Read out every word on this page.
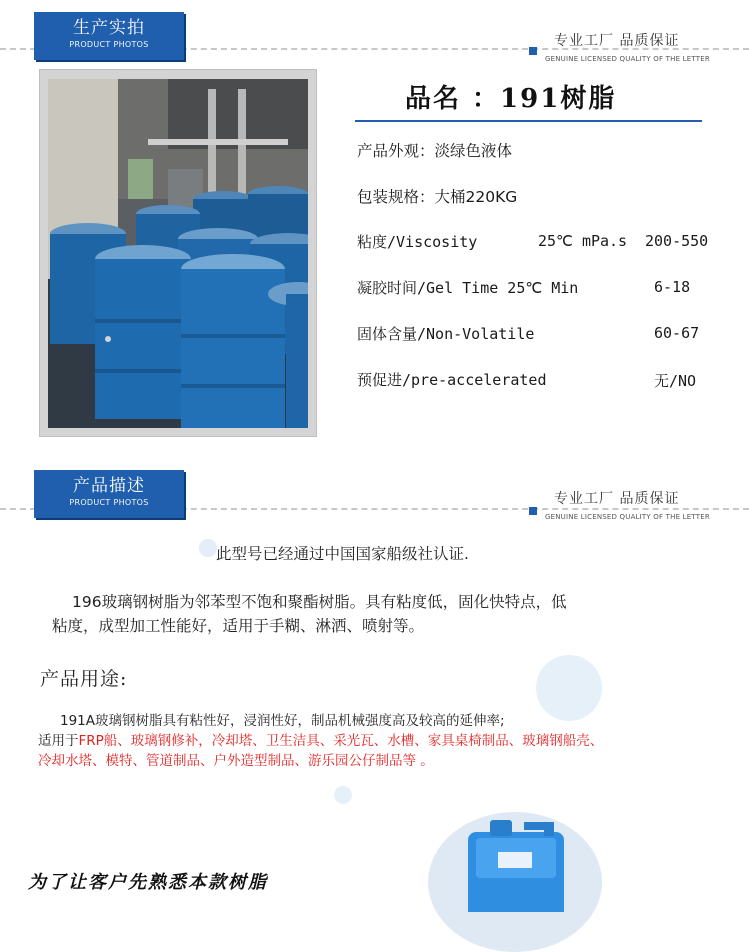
生产实拍
PRODUCT PHOTOS	专业工厂 品质保证
GENUINE LICENSED QUALITY OF THE LETTER
品名 ：191树脂
产品外观：淡绿色液体
包装规格：大桶220KG
粘度/Viscosity	25℃ mPa.s 200-550
凝胶时间/Gel Time 25℃ Min	6-18
固体含量/Non-Volatile	60-67
预促进/pre-accelerated	无/NO
产品描述
PRODUCT PHOTOS	专业工厂 品质保证
GENUINE LICENSED QUALITY OF THE LETTER
此型号已经通过中国国家船级社认证.
196玻璃钢树脂为邻苯型不饱和聚酯树脂。具有粘度低，固化快特点，低
粘度，成型加工性能好，适用于手糊、淋洒、喷射等。
产品用途:
191A玻璃钢树脂具有粘性好，浸润性好，制品机械强度高及较高的延伸率;
适用于FRP船、玻璃钢修补，冷却塔、卫生洁具、采光瓦、水槽、家具桌椅制品、玻璃钢船壳、
冷却水塔、模特、管道制品、户外造型制品、游乐园公仔制品等 。
为了让客户先熟悉本款树脂
